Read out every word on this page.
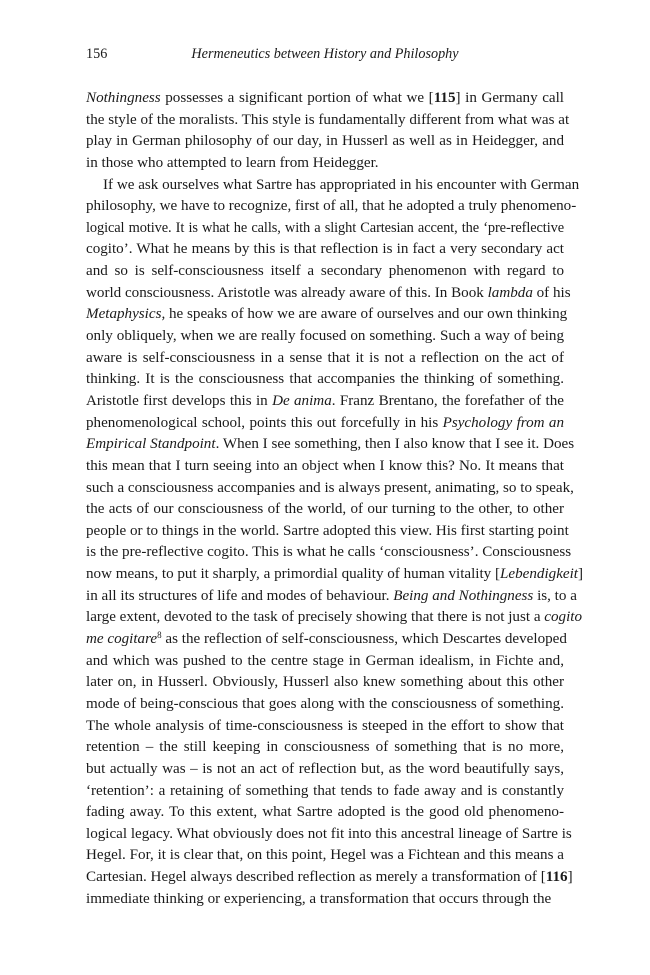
156	Hermeneutics between History and Philosophy
Nothingness possesses a significant portion of what we [115] in Germany call
the style of the moralists. This style is fundamentally different from what was at
play in German philosophy of our day, in Husserl as well as in Heidegger, and
in those who attempted to learn from Heidegger.
If we ask ourselves what Sartre has appropriated in his encounter with German
philosophy, we have to recognize, first of all, that he adopted a truly phenomeno-
logical motive. It is what he calls, with a slight Cartesian accent, the ‘pre-reflective
cogito’. What he means by this is that reflection is in fact a very secondary act
and so is self-consciousness itself a secondary phenomenon with regard to
world consciousness. Aristotle was already aware of this. In Book lambda of his
Metaphysics, he speaks of how we are aware of ourselves and our own thinking
only obliquely, when we are really focused on something. Such a way of being
aware is self-consciousness in a sense that it is not a reflection on the act of
thinking. It is the consciousness that accompanies the thinking of something.
Aristotle first develops this in De anima. Franz Brentano, the forefather of the
phenomenological school, points this out forcefully in his Psychology from an
Empirical Standpoint. When I see something, then I also know that I see it. Does
this mean that I turn seeing into an object when I know this? No. It means that
such a consciousness accompanies and is always present, animating, so to speak,
the acts of our consciousness of the world, of our turning to the other, to other
people or to things in the world. Sartre adopted this view. His first starting point
is the pre-reflective cogito. This is what he calls ‘consciousness’. Consciousness
now means, to put it sharply, a primordial quality of human vitality [Lebendigkeit]
in all its structures of life and modes of behaviour. Being and Nothingness is, to a
large extent, devoted to the task of precisely showing that there is not just a cogito
me cogitare$^8$ as the reflection of self-consciousness, which Descartes developed
and which was pushed to the centre stage in German idealism, in Fichte and,
later on, in Husserl. Obviously, Husserl also knew something about this other
mode of being-conscious that goes along with the consciousness of something.
The whole analysis of time-consciousness is steeped in the effort to show that
retention – the still keeping in consciousness of something that is no more,
but actually was – is not an act of reflection but, as the word beautifully says,
‘retention’: a retaining of something that tends to fade away and is constantly
fading away. To this extent, what Sartre adopted is the good old phenomeno-
logical legacy. What obviously does not fit into this ancestral lineage of Sartre is
Hegel. For, it is clear that, on this point, Hegel was a Fichtean and this means a
Cartesian. Hegel always described reflection as merely a transformation of [116]
immediate thinking or experiencing, a transformation that occurs through the
